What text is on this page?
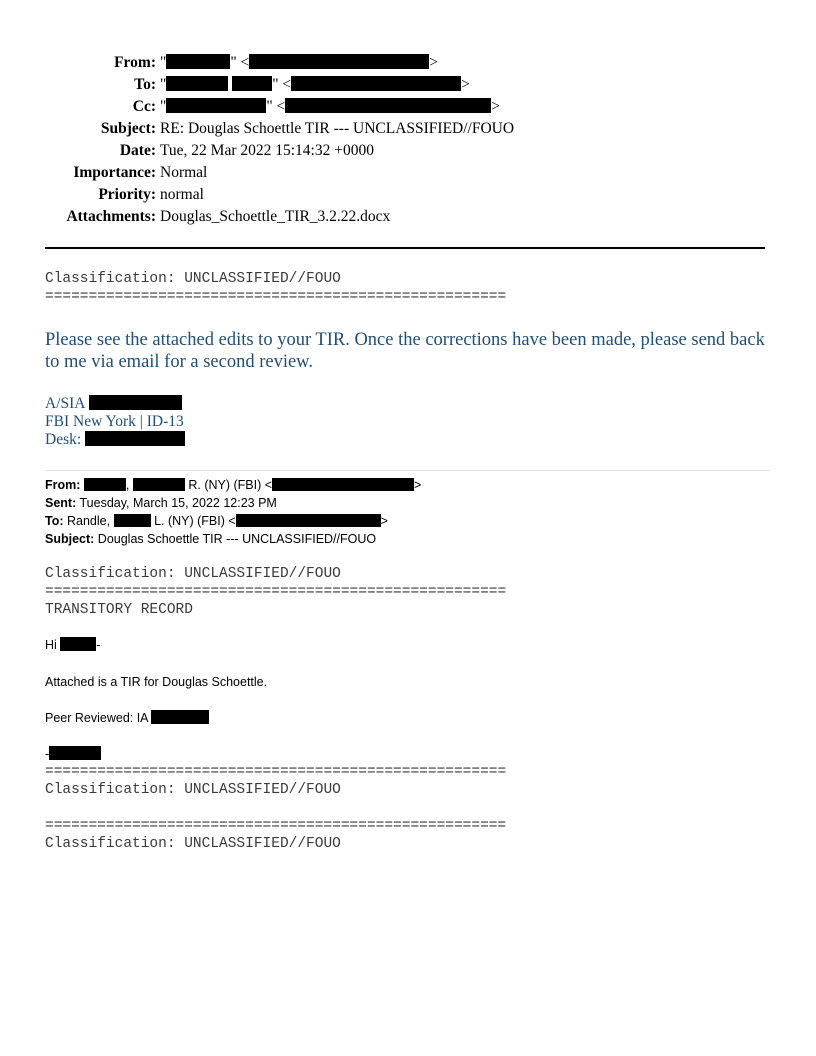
From: "	" <	>
To: "	" <	>
Cc: "	" <	>
Subject: RE: Douglas Schoettle TIR --- UNCLASSIFIED//FOUO
Date: Tue, 22 Mar 2022 15:14:32 +0000
Importance: Normal
Priority: normal
Attachments: Douglas_Schoettle_TIR_3.2.22.docx
Classification: UNCLASSIFIED//FOUO
=====================================================
Please see the attached edits to your TIR. Once the corrections have been made, please send back to me via email for a second review.
A/SIA
FBI New York | ID-13
Desk:
From:	,	R. (NY) (FBI) <	>
Sent: Tuesday, March 15, 2022 12:23 PM
To: Randle,	L. (NY) (FBI) <	>
Subject: Douglas Schoettle TIR --- UNCLASSIFIED//FOUO
Classification: UNCLASSIFIED//FOUO
=====================================================
TRANSITORY RECORD
Hi	-
Attached is a TIR for Douglas Schoettle.
Peer Reviewed: IA
-
=====================================================
Classification: UNCLASSIFIED//FOUO
=====================================================
Classification: UNCLASSIFIED//FOUO
